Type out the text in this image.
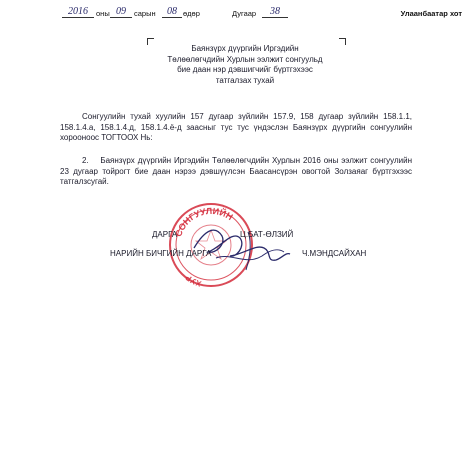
2016	оны 09	сарын	08 өдөр	Дугаар	38	Улаанбаатар хот
Баянзүрх дүүргийн Иргэдийн
Төлөөлөгчдийн Хурлын ээлжит сонгуульд
бие даан нэр дэвшигчийг бүртгэхээс
татгалзах тухай
Сонгуулийн тухай хуулийн 157 дугаар зүйлийн 157.9, 158 дугаар зүйлийн 158.1.1, 158.1.4.а, 158.1.4.д, 158.1.4.ё-д заасныг тус тус үндэслэн Баянзүрх дүүргийн сонгуулийн хорооноос ТОГТООХ Нь:
2. Баянзүрх дүүргийн Иргэдийн Төлөөлөгчдийн Хурлын 2016 оны ээлжит сонгуулийн 23 дугаар тойрогт бие даан нэрээ дэвшүүлсэн Баасансүрэн овогтой Золзаяаг бүртгэхээс татгалзсугай.
СОНГУУЛИЙН
ХУР
ДАРГА	Ц.БАТ-ӨЛЗИЙ
НАРИЙН БИЧГИЙН ДАРГА	Ч.МЭНДСАЙХАН
